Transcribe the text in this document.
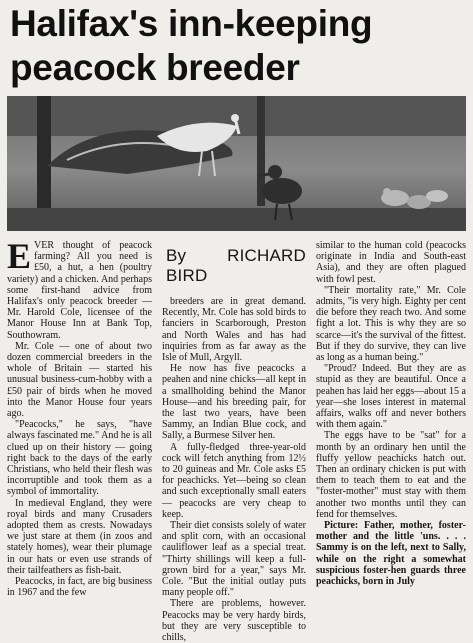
Halifax's inn-keeping
peacock breeder

EVER thought of peacock farming? All you need is £50, a hut, a hen (poultry variety) and a chicken. And perhaps some first-hand advice from Halifax's only peacock breeder — Mr. Harold Cole, licensee of the Manor House Inn at Bank Top, Southowram.

Mr. Cole — one of about two dozen commercial breeders in the whole of Britain — started his unusual business-cum-hobby with a £50 pair of birds when he moved into the Manor House four years ago.

"Peacocks," he says, "have always fascinated me." And he is all clued up on their history — going right back to the days of the early Christians, who held their flesh was incorruptible and took them as a symbol of immortality.

In medieval England, they were royal birds and many Crusaders adopted them as crests. Nowadays we just stare at them (in zoos and stately homes), wear their plumage in our hats or even use strands of their tailfeathers as fish-bait.

Peacocks, in fact, are big business in 1967 and the few

By RICHARD BIRD

breeders are in great demand. Recently, Mr. Cole has sold birds to fanciers in Scarborough, Preston and North Wales and has had inquiries from as far away as the Isle of Mull, Argyll.

He now has five peacocks a peahen and nine chicks—all kept in a smallholding behind the Manor House—and his breeding pair, for the last two years, have been Sammy, an Indian Blue cock, and Sally, a Burmese Silver hen.

A fully-fledged three-year-old cock will fetch anything from 12½ to 20 guineas and Mr. Cole asks £5 for peachicks. Yet—being so clean and such exceptionally small eaters — peacocks are very cheap to keep.

Their diet consists solely of water and split corn, with an occasional cauliflower leaf as a special treat. "Thirty shillings will keep a full-grown bird for a year," says Mr. Cole. "But the initial outlay puts many people off."

There are problems, however. Peacocks may be very hardy birds, but they are very susceptible to chills,

similar to the human cold (peacocks originate in India and South-east Asia), and they are often plagued with fowl pest.

"Their mortality rate," Mr. Cole admits, "is very high. Eighty per cent die before they reach two. And some fight a lot. This is why they are so scarce—it's the survival of the fittest. But if they do survive, they can live as long as a human being."

"Proud? Indeed. But they are as stupid as they are beautiful. Once a peahen has laid her eggs—about 15 a year—she loses interest in maternal affairs, walks off and never bothers with them again."

The eggs have to be "sat" for a month by an ordinary hen until the fluffy yellow peachicks hatch out. Then an ordinary chicken is put with them to teach them to eat and the "foster-mother" must stay with them another two months until they can fend for themselves.

Picture: Father, mother, foster-mother and the little 'uns. . . . Sammy is on the left, next to Sally, while on the right a somewhat suspicious foster-hen guards three peachicks, born in July
